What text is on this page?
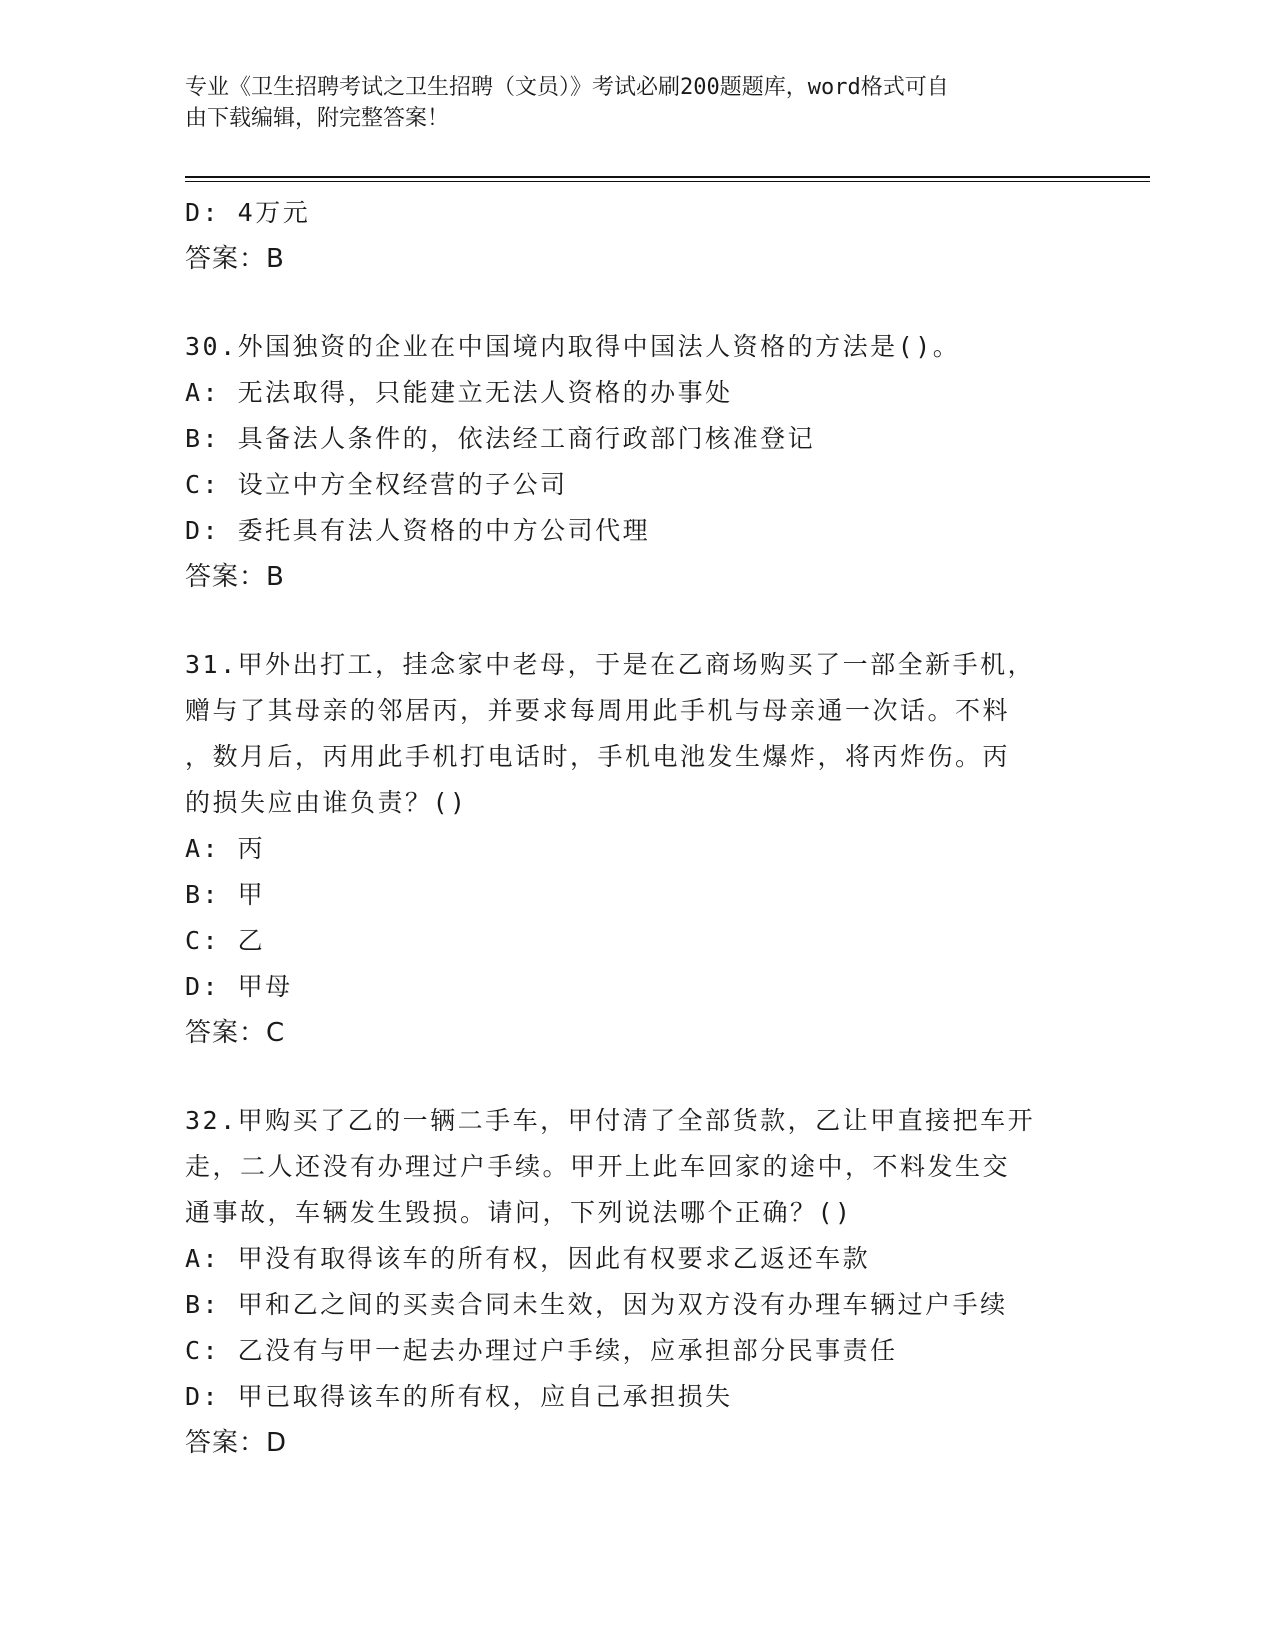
专业《卫生招聘考试之卫生招聘（文员）》考试必刷200题题库，word格式可自
由下载编辑，附完整答案！
D: 4万元
答案：B
30.外国独资的企业在中国境内取得中国法人资格的方法是()。
A: 无法取得，只能建立无法人资格的办事处
B: 具备法人条件的，依法经工商行政部门核准登记
C: 设立中方全权经营的子公司
D: 委托具有法人资格的中方公司代理
答案：B
31.甲外出打工，挂念家中老母，于是在乙商场购买了一部全新手机，
赠与了其母亲的邻居丙，并要求每周用此手机与母亲通一次话。不料
，数月后，丙用此手机打电话时，手机电池发生爆炸，将丙炸伤。丙
的损失应由谁负责？()
A: 丙
B: 甲
C: 乙
D: 甲母
答案：C
32.甲购买了乙的一辆二手车，甲付清了全部货款，乙让甲直接把车开
走，二人还没有办理过户手续。甲开上此车回家的途中，不料发生交
通事故，车辆发生毁损。请问，下列说法哪个正确？()
A: 甲没有取得该车的所有权，因此有权要求乙返还车款
B: 甲和乙之间的买卖合同未生效，因为双方没有办理车辆过户手续
C: 乙没有与甲一起去办理过户手续，应承担部分民事责任
D: 甲已取得该车的所有权，应自己承担损失
答案：D
